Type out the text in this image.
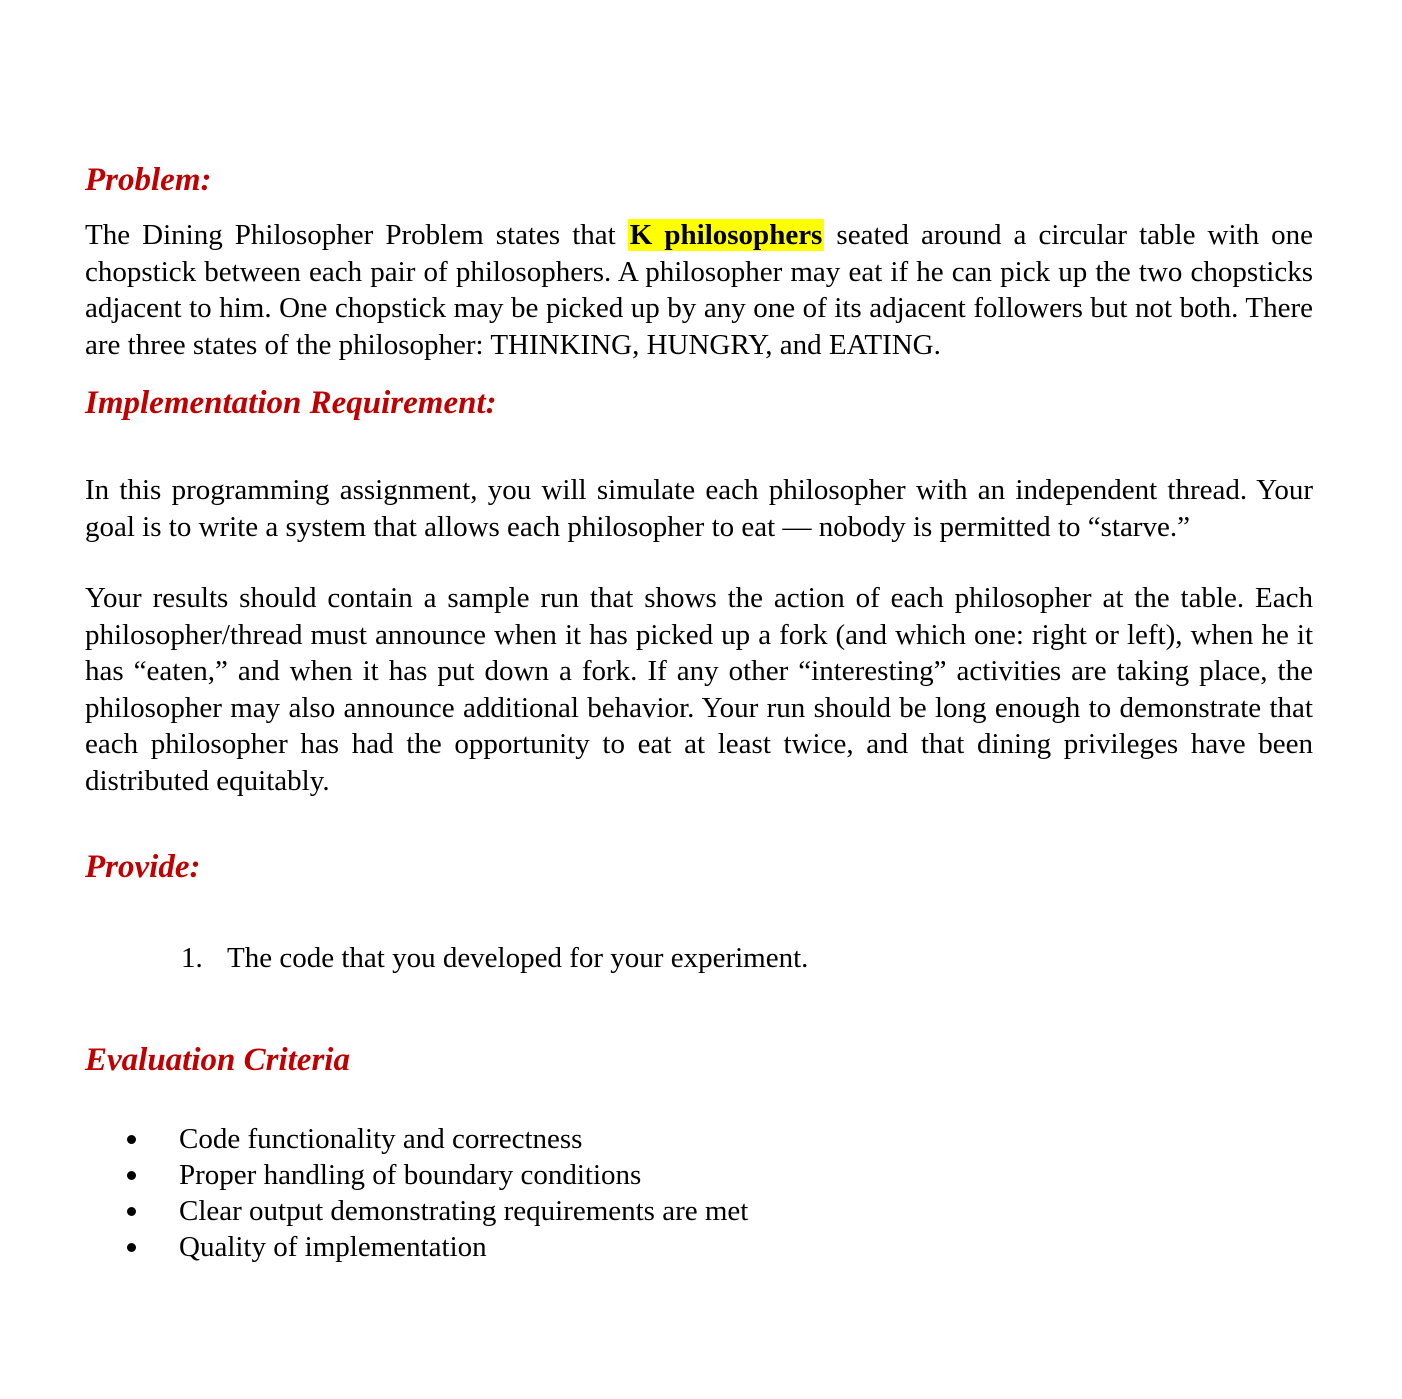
Problem:

The Dining Philosopher Problem states that K philosophers seated around a circular table with one chopstick between each pair of philosophers. A philosopher may eat if he can pick up the two chopsticks adjacent to him. One chopstick may be picked up by any one of its adjacent followers but not both. There are three states of the philosopher: THINKING, HUNGRY, and EATING.

Implementation Requirement:

In this programming assignment, you will simulate each philosopher with an independent thread. Your goal is to write a system that allows each philosopher to eat — nobody is permitted to “starve.”

Your results should contain a sample run that shows the action of each philosopher at the table. Each philosopher/thread must announce when it has picked up a fork (and which one: right or left), when he it has “eaten,” and when it has put down a fork. If any other “interesting” activities are taking place, the philosopher may also announce additional behavior. Your run should be long enough to demonstrate that each philosopher has had the opportunity to eat at least twice, and that dining privileges have been distributed equitably.

Provide:
1. The code that you developed for your experiment.
Evaluation Criteria
Code functionality and correctness
Proper handling of boundary conditions
Clear output demonstrating requirements are met
Quality of implementation
